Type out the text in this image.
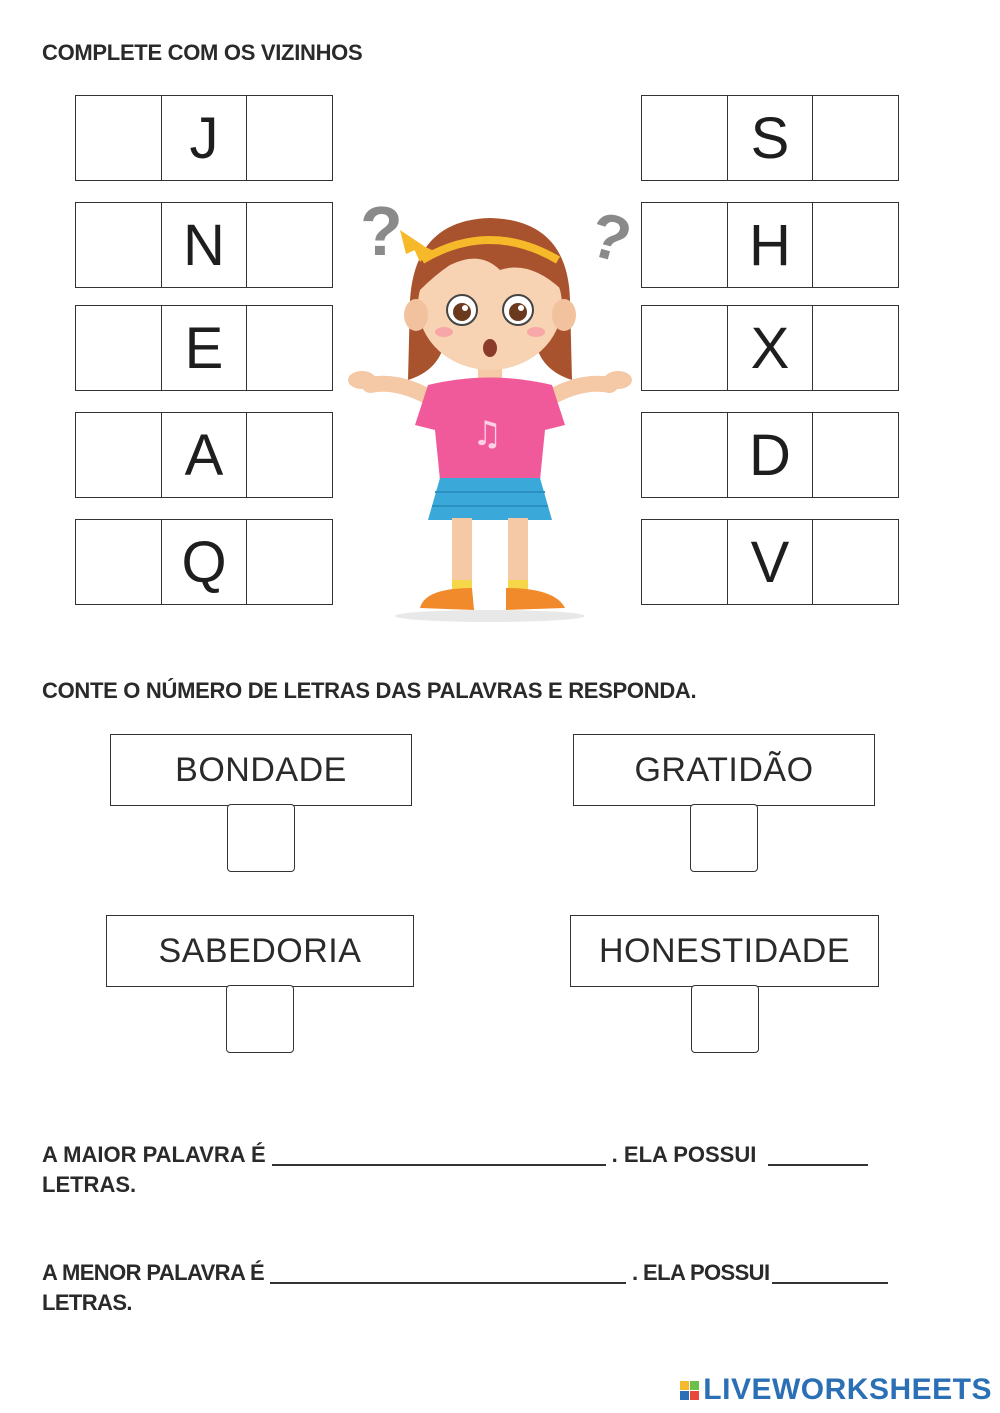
COMPLETE COM OS VIZINHOS
J
N
E
A
Q
S
H
X
D
V
?	?
♫
CONTE O NÚMERO DE LETRAS DAS PALAVRAS E RESPONDA.
BONDADE	GRATIDÃO
SABEDORIA	HONESTIDADE
A MAIOR PALAVRA É	. ELA POSSUI
LETRAS.
A MENOR PALAVRA É	. ELA POSSUI
LETRAS.
LIVEWORKSHEETS
